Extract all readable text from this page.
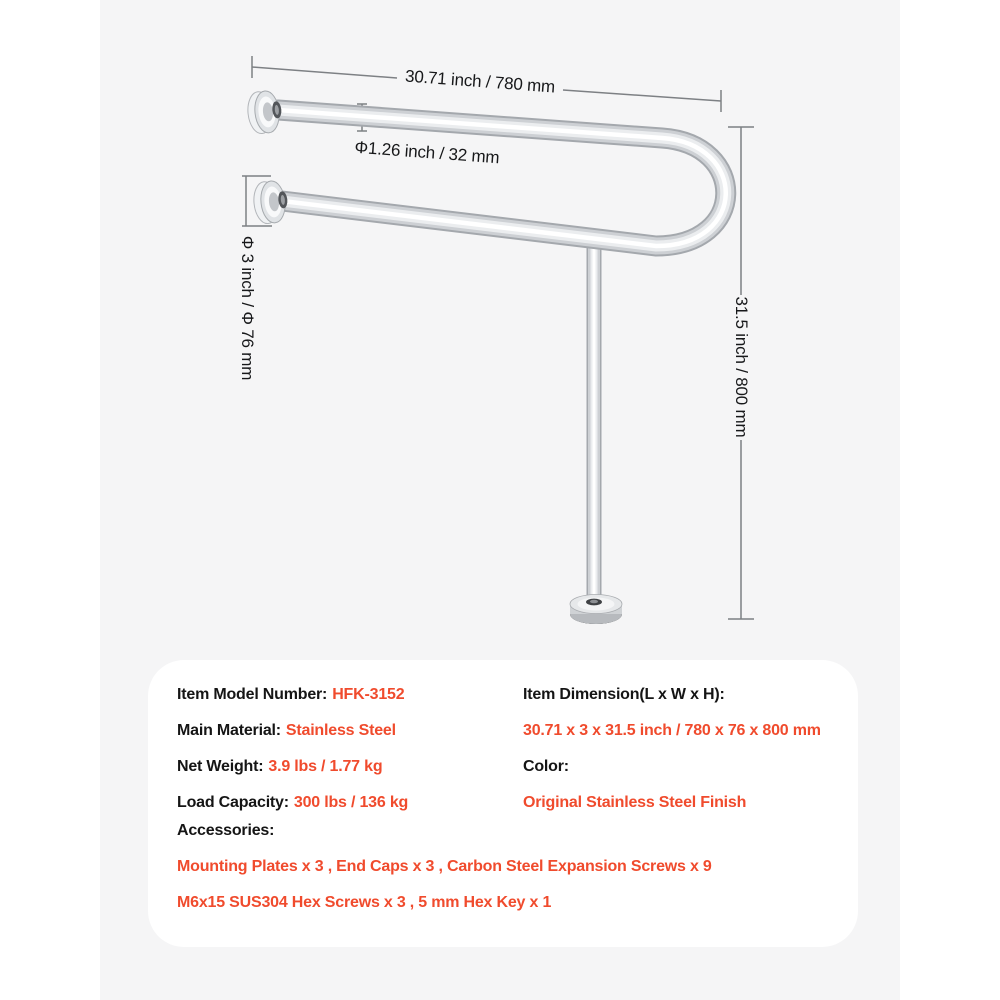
30.71 inch / 780 mm
Φ1.26 inch / 32 mm
Φ 3 inch / Φ 76 mm	31.5 inch / 800 mm
Item Model Number: HFK-3152	Item Dimension(L x W x H):
Main Material: Stainless Steel	30.71 x 3 x 31.5 inch / 780 x 76 x 800 mm
Net Weight: 3.9 lbs / 1.77 kg	Color:
Load Capacity: 300 lbs / 136 kg	Original Stainless Steel Finish
Accessories:
Mounting Plates x 3 , End Caps x 3 , Carbon Steel Expansion Screws x 9
M6x15 SUS304 Hex Screws x 3 , 5 mm Hex Key x 1
